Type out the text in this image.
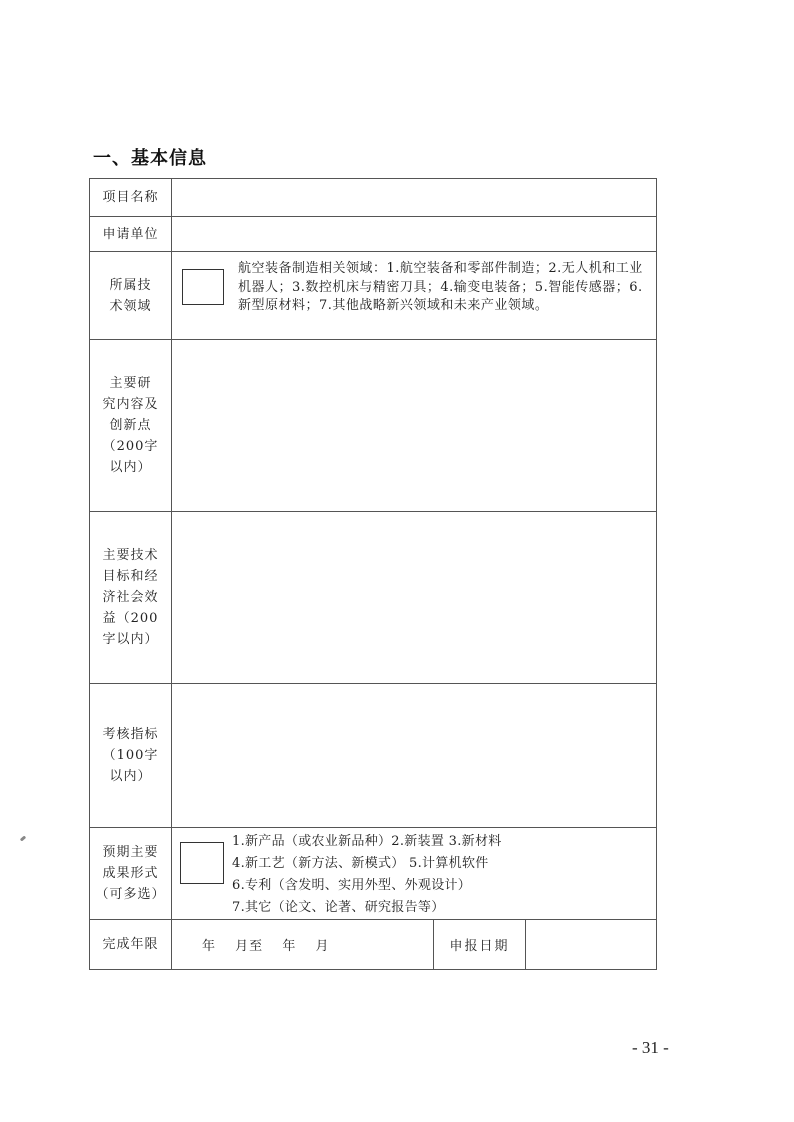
一、基本信息
项目名称			
申请单位			

所属技
术领域	航空装备制造相关领域：1.航空装备和零部件制造；2.无人机和工业机器人；3.数控机床与精密刀具；4.输变电装备；5.智能传感器；6.新型原材料；7.其他战略新兴领域和未来产业领域。		

主要研
究内容及
创新点
（200字
以内）			

主要技术
目标和经
济社会效
益（200
字以内）			

考核指标
（100字
以内）			

预期主要
成果形式
（可多选）	1.新产品（或农业新品种）2.新装置 3.新材料
4.新工艺（新方法、新模式） 5.计算机软件
6.专利（含发明、实用外型、外观设计）
7.其它（论文、论著、研究报告等）		

完成年限	年 月至 年 月	申报日期	
- 31 -
